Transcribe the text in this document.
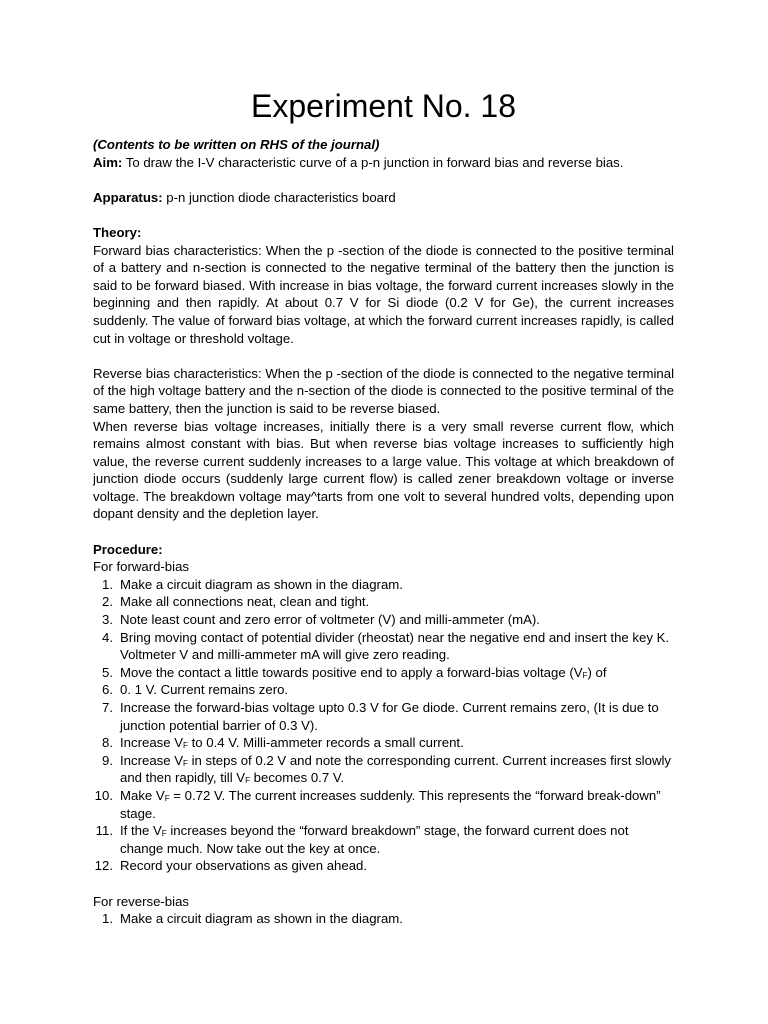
Experiment No. 18

(Contents to be written on RHS of the journal)

Aim: To draw the I-V characteristic curve of a p-n junction in forward bias and reverse bias.

Apparatus: p-n junction diode characteristics board

Theory:

Forward bias characteristics: When the p -section of the diode is connected to the positive terminal of a battery and n-section is connected to the negative terminal of the battery then the junction is said to be forward biased. With increase in bias voltage, the forward current increases slowly in the beginning and then rapidly. At about 0.7 V for Si diode (0.2 V for Ge), the current increases suddenly. The value of forward bias voltage, at which the forward current increases rapidly, is called cut in voltage or threshold voltage.

Reverse bias characteristics: When the p -section of the diode is connected to the negative terminal of the high voltage battery and the n-section of the diode is connected to the positive terminal of the same battery, then the junction is said to be reverse biased.

When reverse bias voltage increases, initially there is a very small reverse current flow, which remains almost constant with bias. But when reverse bias voltage increases to sufficiently high value, the reverse current suddenly increases to a large value. This voltage at which breakdown of junction diode occurs (suddenly large current flow) is called zener breakdown voltage or inverse voltage. The breakdown voltage may^tarts from one volt to several hundred volts, depending upon dopant density and the depletion layer.

Procedure:

For forward-bias

1. Make a circuit diagram as shown in the diagram.
2. Make all connections neat, clean and tight.
3. Note least count and zero error of voltmeter (V) and milli-ammeter (mA).
4. Bring moving contact of potential divider (rheostat) near the negative end and insert the key K. Voltmeter V and milli-ammeter mA will give zero reading.
5. Move the contact a little towards positive end to apply a forward-bias voltage $(V_F)$ of
6. 0. 1 V. Current remains zero.
7. Increase the forward-bias voltage upto 0.3 V for Ge diode. Current remains zero, (It is due to junction potential barrier of 0.3 V).
8. Increase $V_F$ to 0.4 V. Milli-ammeter records a small current.
9. Increase $V_F$ in steps of 0.2 V and note the corresponding current. Current increases first slowly and then rapidly, till $V_F$ becomes 0.7 V.
10. Make $V_F = 0.72$ V. The current increases suddenly. This represents the “forward break-down” stage.
11. If the $V_F$ increases beyond the “forward breakdown” stage, the forward current does not change much. Now take out the key at once.
12. Record your observations as given ahead.

For reverse-bias

1. Make a circuit diagram as shown in the diagram.
